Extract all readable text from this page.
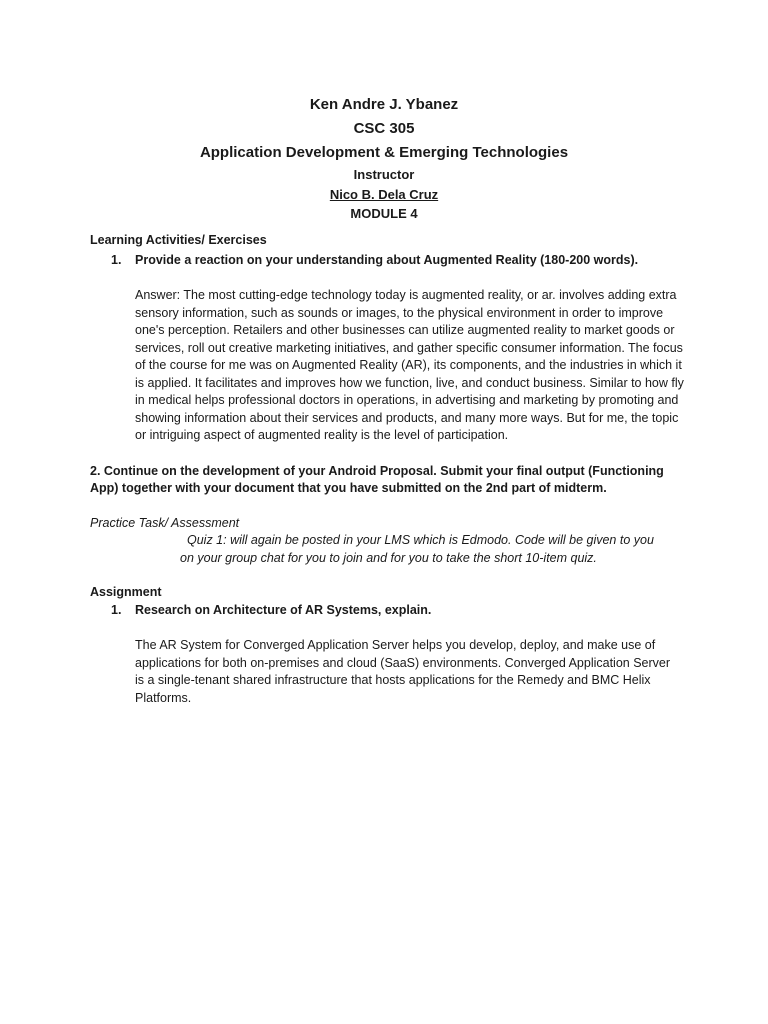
Ken Andre J. Ybanez

CSC 305

Application Development & Emerging Technologies

Instructor

Nico B. Dela Cruz

MODULE 4

Learning Activities/ Exercises

1.	Provide a reaction on your understanding about Augmented Reality (180-200 words).

Answer: The most cutting-edge technology today is augmented reality, or ar. involves adding extra sensory information, such as sounds or images, to the physical environment in order to improve one's perception. Retailers and other businesses can utilize augmented reality to market goods or services, roll out creative marketing initiatives, and gather specific consumer information. The focus of the course for me was on Augmented Reality (AR), its components, and the industries in which it is applied. It facilitates and improves how we function, live, and conduct business. Similar to how fly in medical helps professional doctors in operations, in advertising and marketing by promoting and showing information about their services and products, and many more ways. But for me, the topic or intriguing aspect of augmented reality is the level of participation.

2. Continue on the development of your Android Proposal. Submit your final output (Functioning App) together with your document that you have submitted on the 2nd part of midterm.

Practice Task/ Assessment

Quiz 1: will again be posted in your LMS which is Edmodo. Code will be given to you

on your group chat for you to join and for you to take the short 10-item quiz.

Assignment

1.	Research on Architecture of AR Systems, explain.

The AR System for Converged Application Server helps you develop, deploy, and make use of applications for both on-premises and cloud (SaaS) environments. Converged Application Server is a single-tenant shared infrastructure that hosts applications for the Remedy and BMC Helix Platforms.
